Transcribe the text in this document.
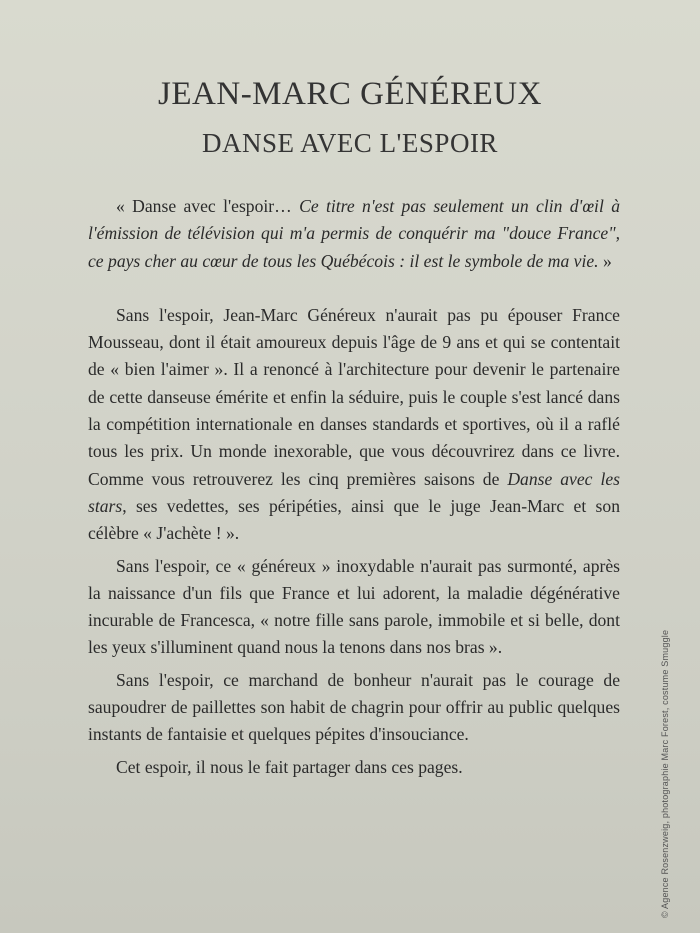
JEAN-MARC GÉNÉREUX
DANSE AVEC L'ESPOIR

« Danse avec l'espoir… Ce titre n'est pas seulement un clin d'œil à l'émission de télévision qui m'a permis de conquérir ma "douce France", ce pays cher au cœur de tous les Québécois : il est le symbole de ma vie. »

Sans l'espoir, Jean-Marc Généreux n'aurait pas pu épouser France Mousseau, dont il était amoureux depuis l'âge de 9 ans et qui se contentait de « bien l'aimer ». Il a renoncé à l'architecture pour devenir le partenaire de cette danseuse émérite et enfin la séduire, puis le couple s'est lancé dans la compétition internationale en danses standards et sportives, où il a raflé tous les prix. Un monde inexorable, que vous découvrirez dans ce livre. Comme vous retrouverez les cinq premières saisons de Danse avec les stars, ses vedettes, ses péripéties, ainsi que le juge Jean-Marc et son célèbre « J'achète ! ».

Sans l'espoir, ce « généreux » inoxydable n'aurait pas surmonté, après la naissance d'un fils que France et lui adorent, la maladie dégénérative incurable de Francesca, « notre fille sans parole, immobile et si belle, dont les yeux s'illuminent quand nous la tenons dans nos bras ».

Sans l'espoir, ce marchand de bonheur n'aurait pas le courage de saupoudrer de paillettes son habit de chagrin pour offrir au public quelques instants de fantaisie et quelques pépites d'insouciance.

Cet espoir, il nous le fait partager dans ces pages.	© Agence Rosenzweig, photographie Marc Forest, costume Smuggle
